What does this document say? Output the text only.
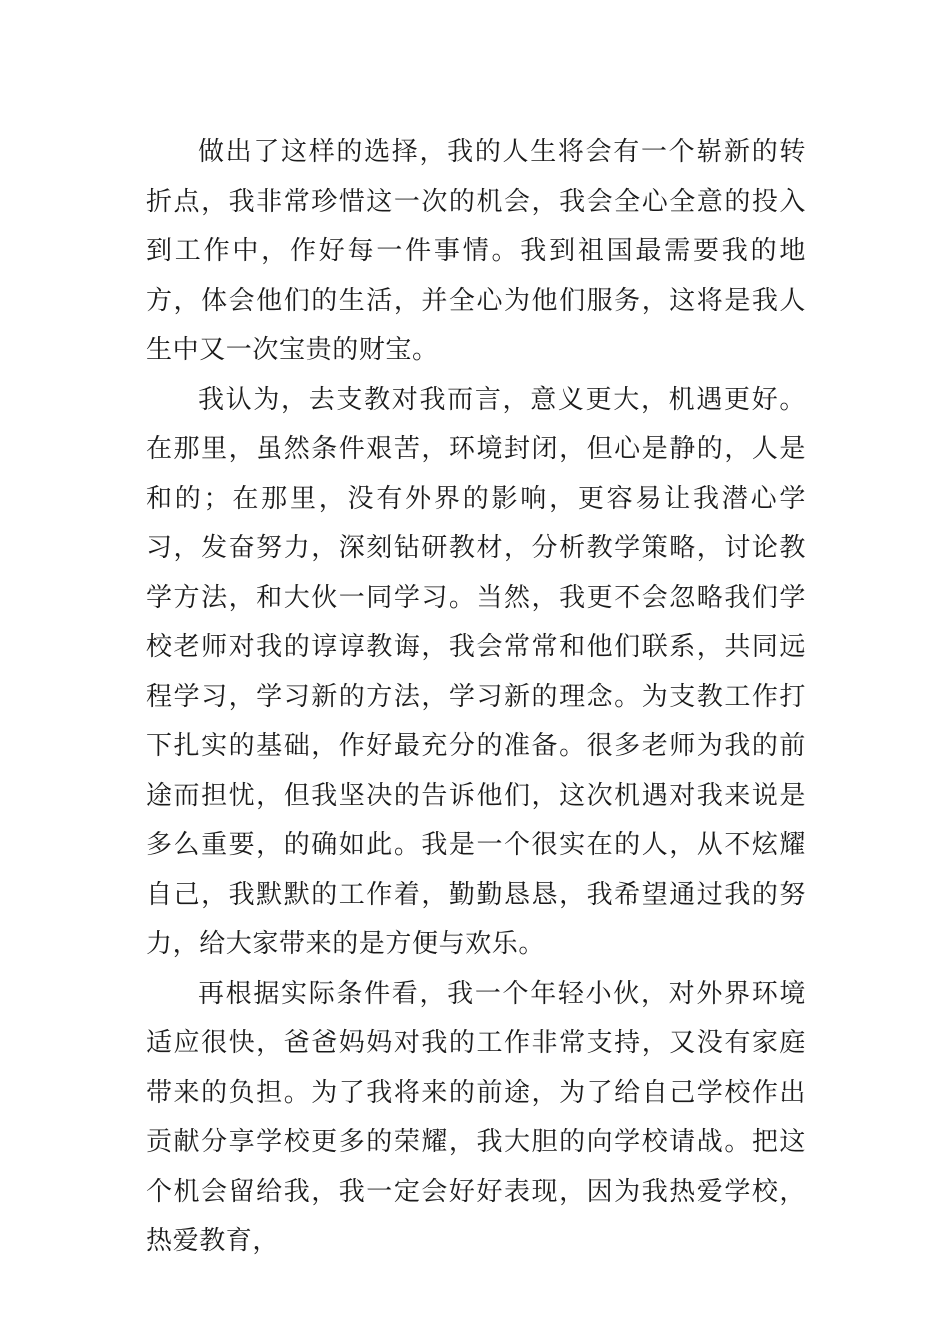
做出了这样的选择，我的人生将会有一个崭新的转折点，我非常珍惜这一次的机会，我会全心全意的投入到工作中，作好每一件事情。我到祖国最需要我的地方，体会他们的生活，并全心为他们服务，这将是我人生中又一次宝贵的财宝。

我认为，去支教对我而言，意义更大，机遇更好。在那里，虽然条件艰苦，环境封闭，但心是静的，人是和的；在那里，没有外界的影响，更容易让我潜心学习，发奋努力，深刻钻研教材，分析教学策略，讨论教学方法，和大伙一同学习。当然，我更不会忽略我们学校老师对我的谆谆教诲，我会常常和他们联系，共同远程学习，学习新的方法，学习新的理念。为支教工作打下扎实的基础，作好最充分的准备。很多老师为我的前途而担忧，但我坚决的告诉他们，这次机遇对我来说是多么重要，的确如此。我是一个很实在的人，从不炫耀自己，我默默的工作着，勤勤恳恳，我希望通过我的努力，给大家带来的是方便与欢乐。

再根据实际条件看，我一个年轻小伙，对外界环境适应很快，爸爸妈妈对我的工作非常支持，又没有家庭带来的负担。为了我将来的前途，为了给自己学校作出贡献分享学校更多的荣耀，我大胆的向学校请战。把这个机会留给我，我一定会好好表现，因为我热爱学校，热爱教育，
